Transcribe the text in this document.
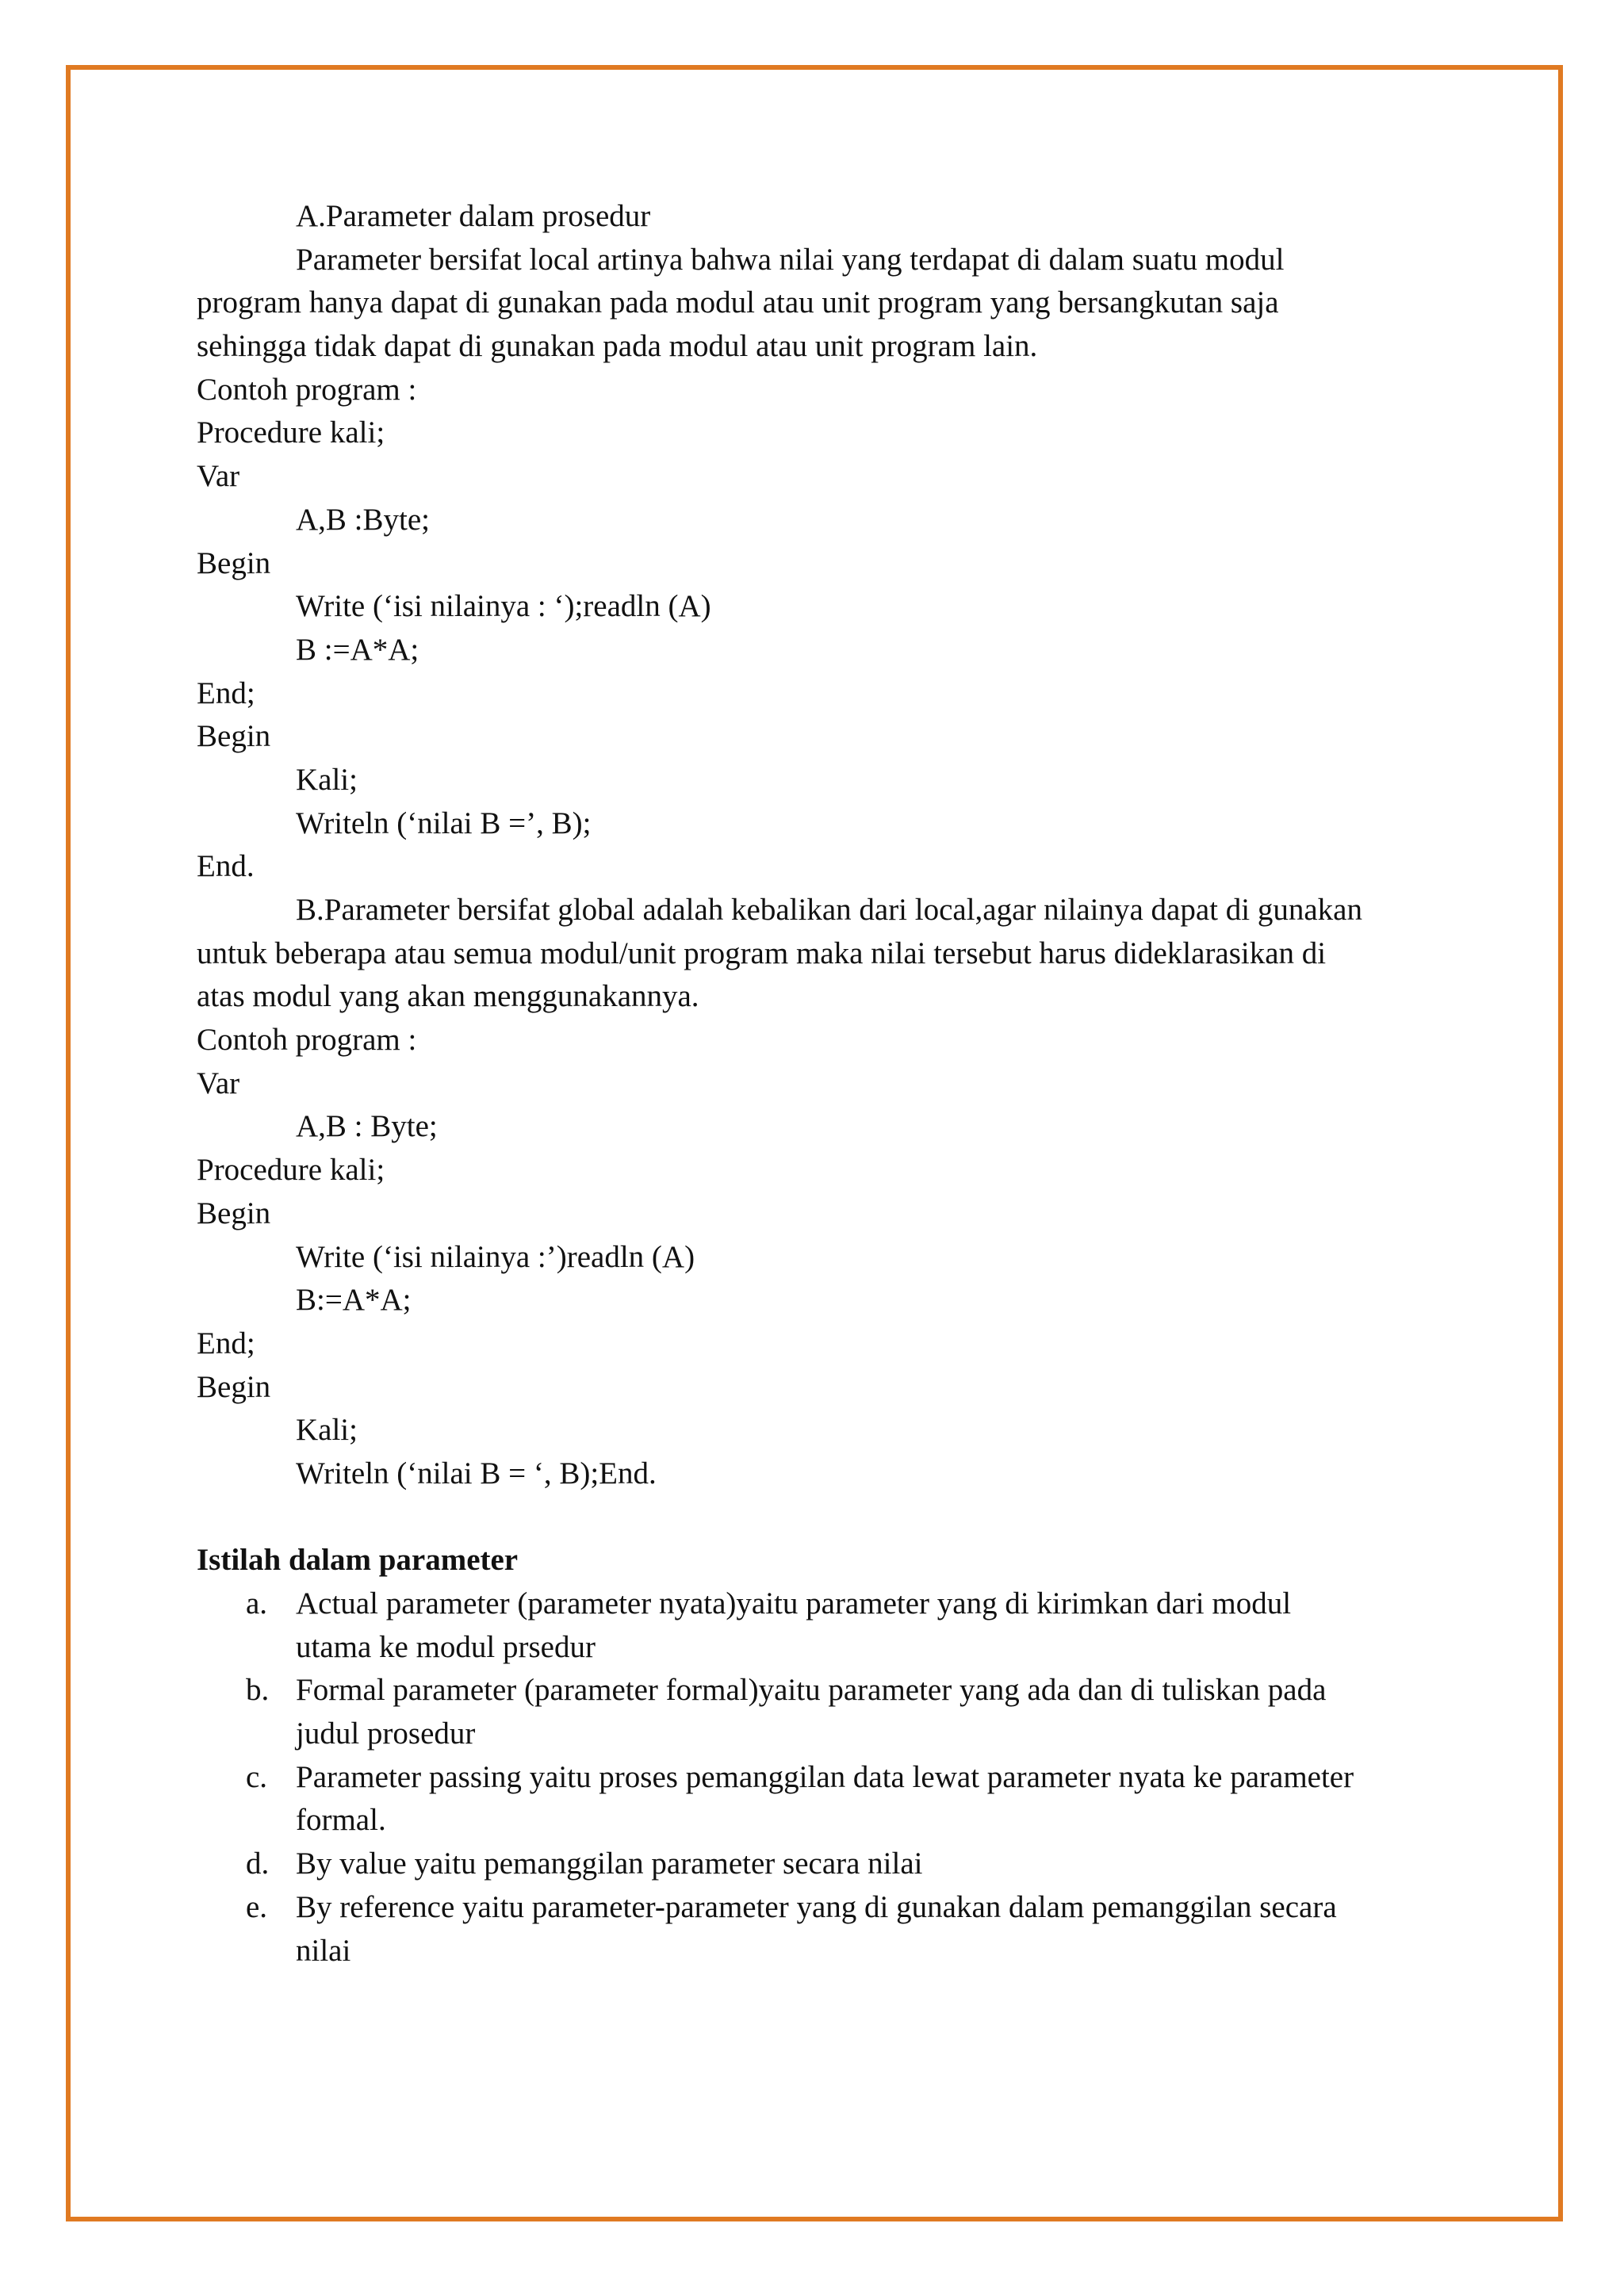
A.Parameter dalam prosedur
Parameter bersifat local artinya bahwa nilai yang terdapat di dalam suatu modul
program hanya dapat di gunakan pada modul atau unit program yang bersangkutan saja
sehingga tidak dapat di gunakan pada modul atau unit program lain.
Contoh program :
Procedure kali;
Var
A,B :Byte;
Begin
Write (‘isi nilainya : ‘);readln (A)
B :=A*A;
End;
Begin
Kali;
Writeln (‘nilai B =’, B);
End.
B.Parameter bersifat global adalah kebalikan dari local,agar nilainya dapat di gunakan
untuk beberapa atau semua modul/unit program maka nilai tersebut harus dideklarasikan di
atas modul yang akan menggunakannya.
Contoh program :
Var
A,B : Byte;
Procedure kali;
Begin
Write (‘isi nilainya :’)readln (A)
B:=A*A;
End;
Begin
Kali;
Writeln (‘nilai B = ‘, B);End.
Istilah dalam parameter
a. Actual parameter (parameter nyata)yaitu parameter yang di kirimkan dari modul
utama ke modul prsedur
b. Formal parameter (parameter formal)yaitu parameter yang ada dan di tuliskan pada
judul prosedur
c. Parameter passing yaitu proses pemanggilan data lewat parameter nyata ke parameter
formal.
d. By value yaitu pemanggilan parameter secara nilai
e. By reference yaitu parameter-parameter yang di gunakan dalam pemanggilan secara
nilai
